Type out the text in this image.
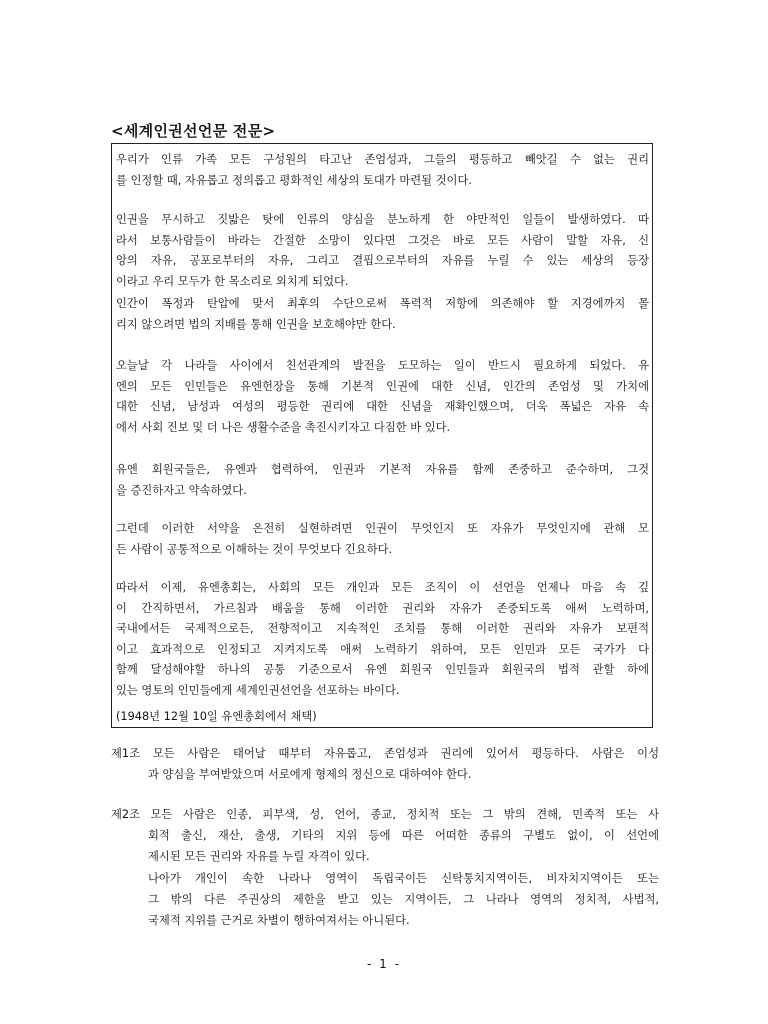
<세계인권선언문 전문>
우리가 인류 가족 모든 구성원의 타고난 존엄성과, 그들의 평등하고 빼앗길 수 없는 권리
를 인정할 때, 자유롭고 정의롭고 평화적인 세상의 토대가 마련될 것이다.
인권을 무시하고 짓밟은 탓에 인류의 양심을 분노하게 한 야만적인 일들이 발생하였다. 따
라서 보통사람들이 바라는 간절한 소망이 있다면 그것은 바로 모든 사람이 말할 자유, 신
앙의 자유, 공포로부터의 자유, 그리고 결핍으로부터의 자유를 누릴 수 있는 세상의 등장
이라고 우리 모두가 한 목소리로 외치게 되었다.
인간이 폭정과 탄압에 맞서 최후의 수단으로써 폭력적 저항에 의존해야 할 지경에까지 몰
리지 않으려면 법의 지배를 통해 인권을 보호해야만 한다.
오늘날 각 나라들 사이에서 친선관계의 발전을 도모하는 일이 반드시 필요하게 되었다. 유
엔의 모든 인민들은 유엔헌장을 통해 기본적 인권에 대한 신념, 인간의 존엄성 및 가치에
대한 신념, 남성과 여성의 평등한 권리에 대한 신념을 재확인했으며, 더욱 폭넓은 자유 속
에서 사회 진보 및 더 나은 생활수준을 촉진시키자고 다짐한 바 있다.
유엔 회원국들은, 유엔과 협력하여, 인권과 기본적 자유를 함께 존중하고 준수하며, 그것
을 증진하자고 약속하였다.
그런데 이러한 서약을 온전히 실현하려면 인권이 무엇인지 또 자유가 무엇인지에 관해 모
든 사람이 공통적으로 이해하는 것이 무엇보다 긴요하다.
따라서 이제, 유엔총회는, 사회의 모든 개인과 모든 조직이 이 선언을 언제나 마음 속 깊
이 간직하면서, 가르침과 배움을 통해 이러한 권리와 자유가 존중되도록 애써 노력하며,
국내에서든 국제적으로든, 전향적이고 지속적인 조치를 통해 이러한 권리와 자유가 보편적
이고 효과적으로 인정되고 지켜지도록 애써 노력하기 위하여, 모든 인민과 모든 국가가 다
함께 달성해야할 하나의 공통 기준으로서 유엔 회원국 인민들과 회원국의 법적 관할 하에
있는 영토의 인민들에게 세계인권선언을 선포하는 바이다.
(1948년 12월 10일 유엔총회에서 채택)
제1조 모든 사람은 태어날 때부터 자유롭고, 존엄성과 권리에 있어서 평등하다. 사람은 이성
과 양심을 부여받았으며 서로에게 형제의 정신으로 대하여야 한다.
제2조 모든 사람은 인종, 피부색, 성, 언어, 종교, 정치적 또는 그 밖의 견해, 민족적 또는 사
회적 출신, 재산, 출생, 기타의 지위 등에 따른 어떠한 종류의 구별도 없이, 이 선언에
제시된 모든 권리와 자유를 누릴 자격이 있다.
나아가 개인이 속한 나라나 영역이 독립국이든 신탁통치지역이든, 비자치지역이든 또는
그 밖의 다른 주권상의 제한을 받고 있는 지역이든, 그 나라나 영역의 정치적, 사법적,
국제적 지위를 근거로 차별이 행하여져서는 아니된다.
- 1 -
